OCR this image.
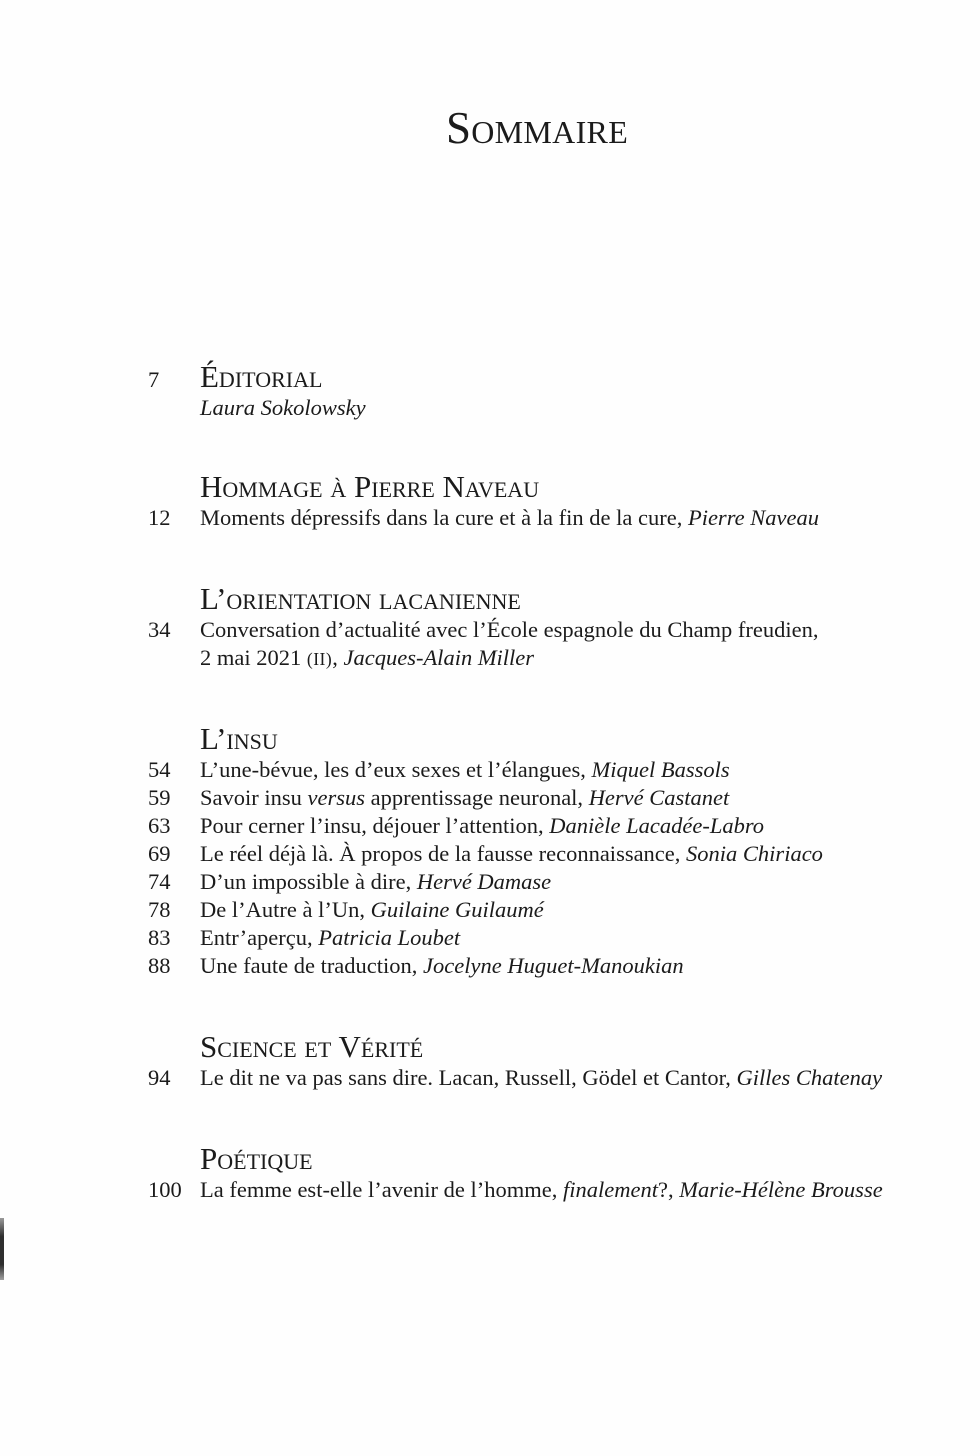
Sommaire
7	Éditorial
Laura Sokolowsky
Hommage à Pierre Naveau
12	Moments dépressifs dans la cure et à la fin de la cure, Pierre Naveau
L’orientation lacanienne
34	Conversation d’actualité avec l’École espagnole du Champ freudien,
2 mai 2021 (II), Jacques-Alain Miller
L’insu
54	L’une-bévue, les d’eux sexes et l’élangues, Miquel Bassols
59	Savoir insu versus apprentissage neuronal, Hervé Castanet
63	Pour cerner l’insu, déjouer l’attention, Danièle Lacadée-Labro
69	Le réel déjà là. À propos de la fausse reconnaissance, Sonia Chiriaco
74	D’un impossible à dire, Hervé Damase
78	De l’Autre à l’Un, Guilaine Guilaumé
83	Entr’aperçu, Patricia Loubet
88	Une faute de traduction, Jocelyne Huguet-Manoukian
Science et Vérité
94	Le dit ne va pas sans dire. Lacan, Russell, Gödel et Cantor, Gilles Chatenay
Poétique
100 La femme est-elle l’avenir de l’homme, finalement?, Marie-Hélène Brousse
